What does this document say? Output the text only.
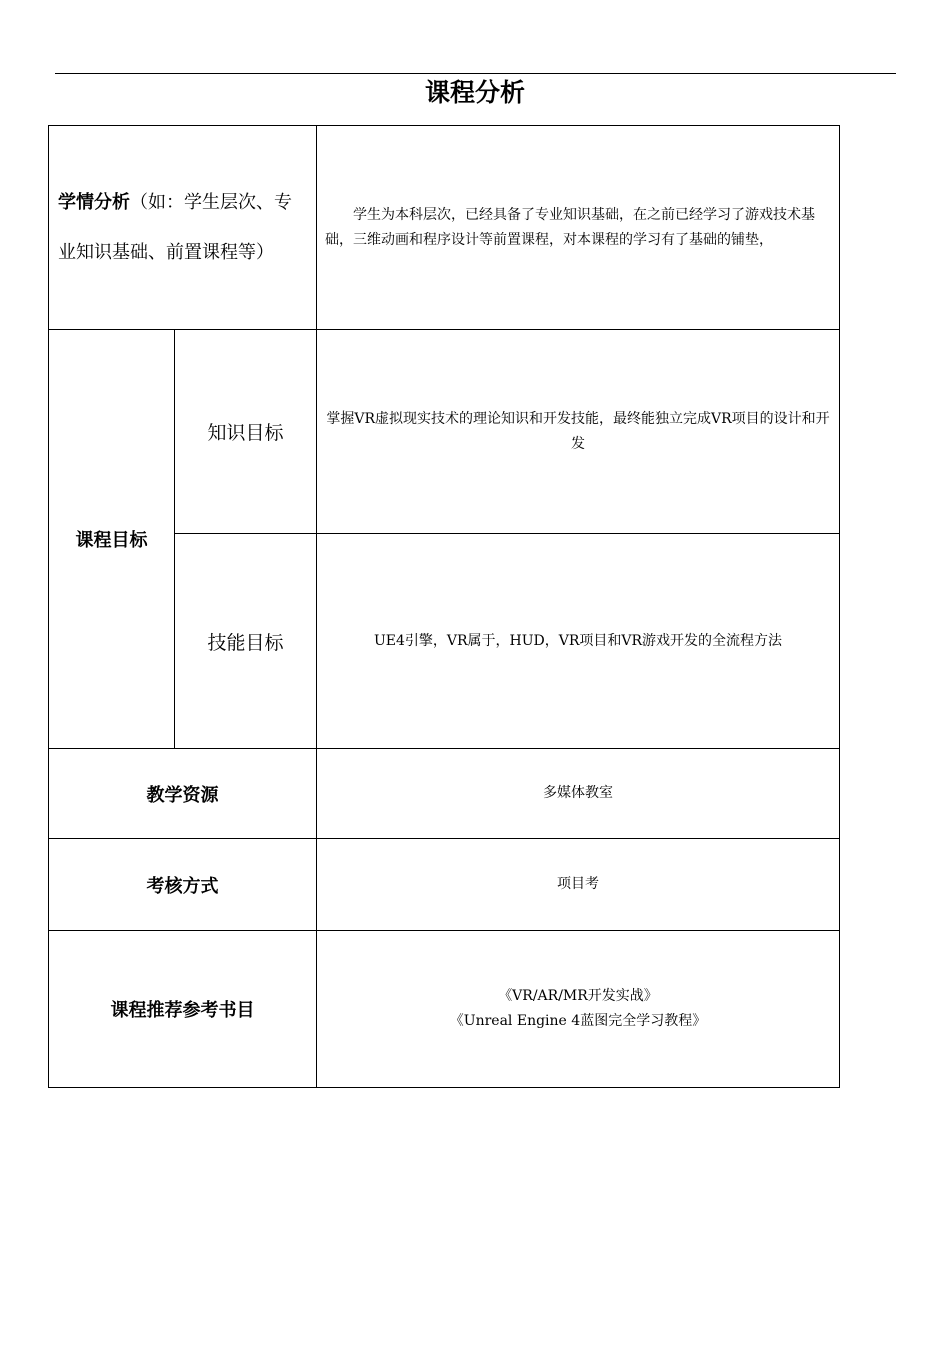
课程分析
学情分析（如：学生层次、专业知识基础、前置课程等）		学生为本科层次，已经具备了专业知识基础，在之前已经学习了游戏技术基础，三维动画和程序设计等前置课程，对本课程的学习有了基础的铺垫，

课程目标	知识目标	掌握VR虚拟现实技术的理论知识和开发技能，最终能独立完成VR项目的设计和开发
	技能目标	UE4引擎，VR属于，HUD，VR项目和VR游戏开发的全流程方法
教学资源		多媒体教室
考核方式		项目考
课程推荐参考书目		《VR/AR/MR开发实战》
《Unreal Engine 4蓝图完全学习教程》
